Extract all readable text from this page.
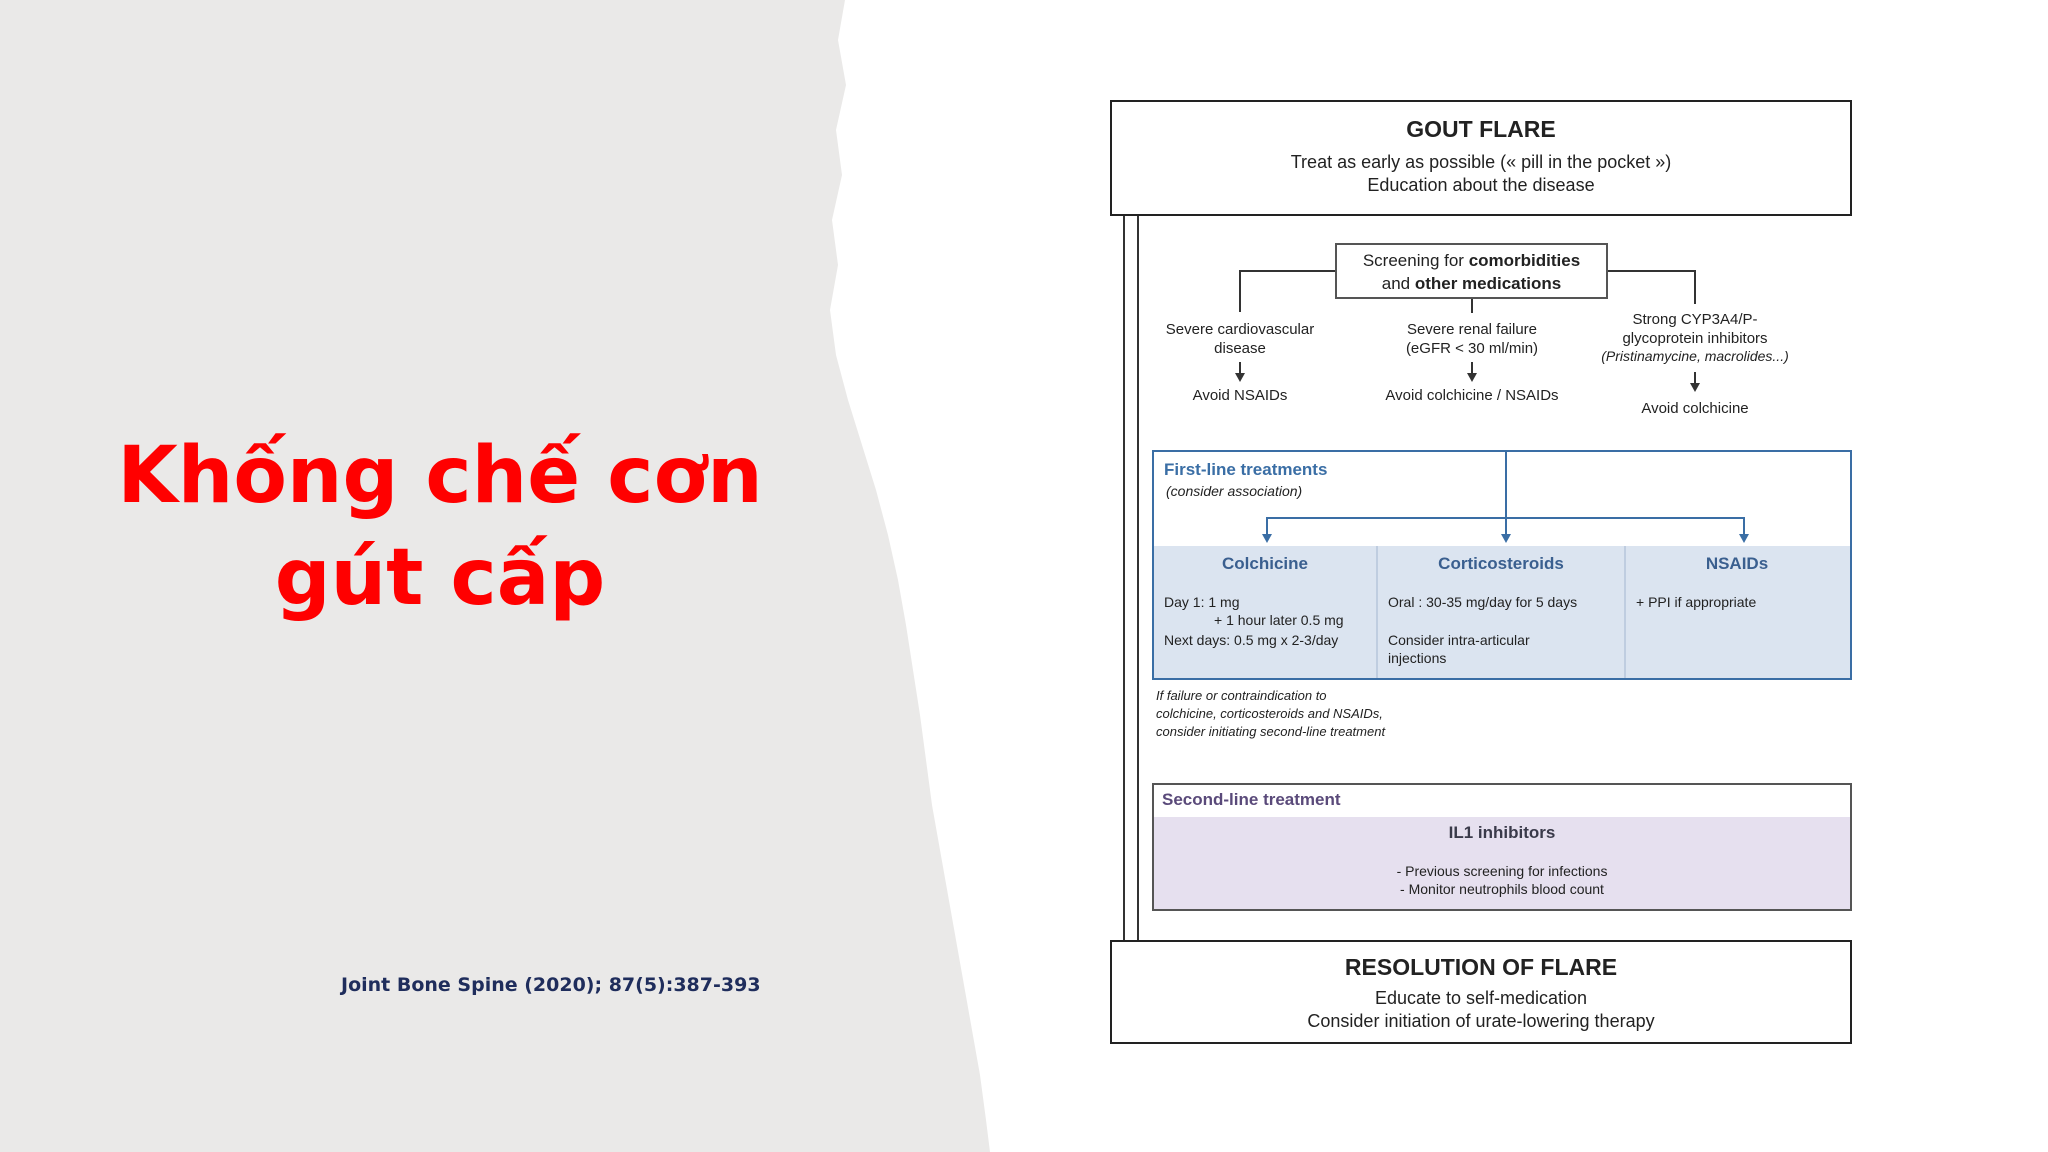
Khống chế cơn
gút cấp
Joint Bone Spine (2020); 87(5):387-393
GOUT FLARE
Treat as early as possible (« pill in the pocket »)
Education about the disease
Screening for comorbidities
and other medications
Severe cardiovascular
disease
Avoid NSAIDs
Severe renal failure
(eGFR < 30 ml/min)
Avoid colchicine / NSAIDs
Strong CYP3A4/P-
glycoprotein inhibitors
(Pristinamycine, macrolides...)
Avoid colchicine
First-line treatments
(consider association)
Colchicine
Day 1: 1 mg
+ 1 hour later 0.5 mg
Next days: 0.5 mg x 2-3/day
Corticosteroids
Oral : 30-35 mg/day for 5 days
Consider intra-articular
injections
NSAIDs
+ PPI if appropriate
If failure or contraindication to
colchicine, corticosteroids and NSAIDs,
consider initiating second-line treatment
Second-line treatment
IL1 inhibitors
- Previous screening for infections
- Monitor neutrophils blood count
RESOLUTION OF FLARE
Educate to self-medication
Consider initiation of urate-lowering therapy
